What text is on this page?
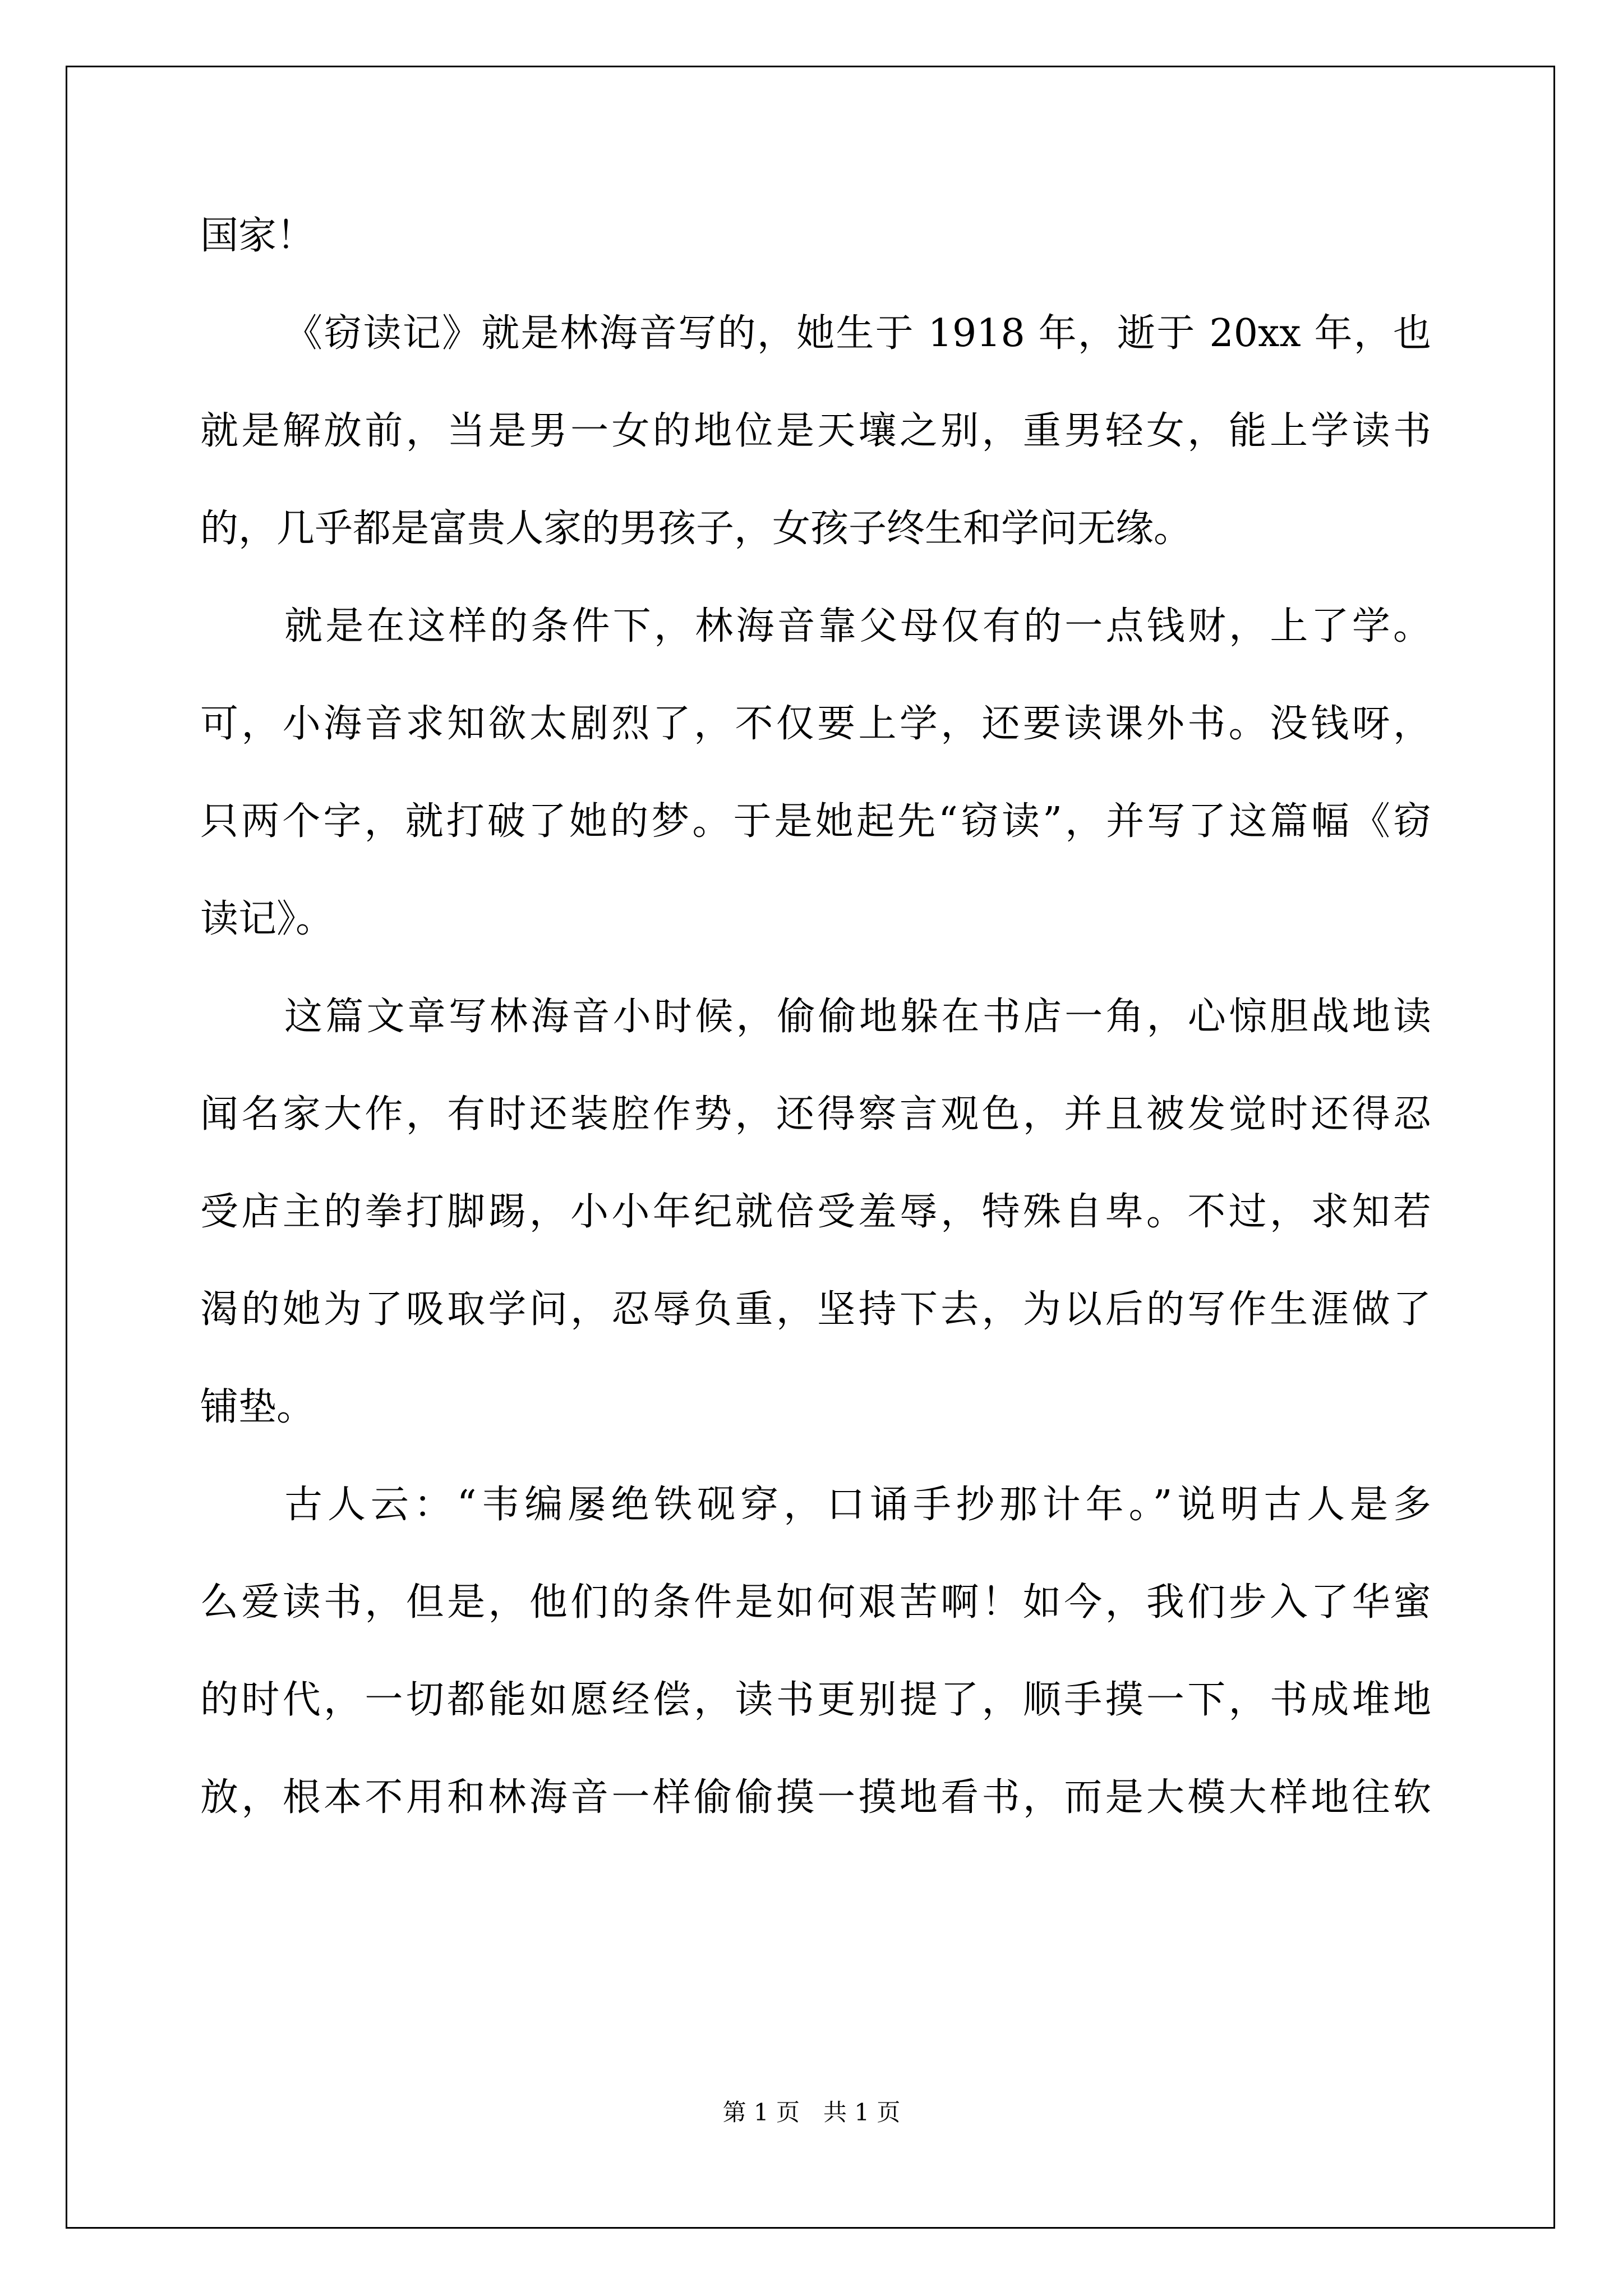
国家！
《窃读记》就是林海音写的，她生于 1918 年，逝于 20xx 年，也
就是解放前，当是男一女的地位是天壤之别，重男轻女，能上学读书
的，几乎都是富贵人家的男孩子，女孩子终生和学问无缘。
就是在这样的条件下，林海音靠父母仅有的一点钱财，上了学。
可，小海音求知欲太剧烈了，不仅要上学，还要读课外书。没钱呀，
只两个字，就打破了她的梦。于是她起先“窃读”，并写了这篇幅《窃
读记》。
这篇文章写林海音小时候，偷偷地躲在书店一角，心惊胆战地读
闻名家大作，有时还装腔作势，还得察言观色，并且被发觉时还得忍
受店主的拳打脚踢，小小年纪就倍受羞辱，特殊自卑。不过，求知若
渴的她为了吸取学问，忍辱负重，坚持下去，为以后的写作生涯做了
铺垫。
古人云：“韦编屡绝铁砚穿，口诵手抄那计年。”说明古人是多
么爱读书，但是，他们的条件是如何艰苦啊！如今，我们步入了华蜜
的时代，一切都能如愿经偿，读书更别提了，顺手摸一下，书成堆地
放，根本不用和林海音一样偷偷摸一摸地看书，而是大模大样地往软
第 1 页　共 1 页
